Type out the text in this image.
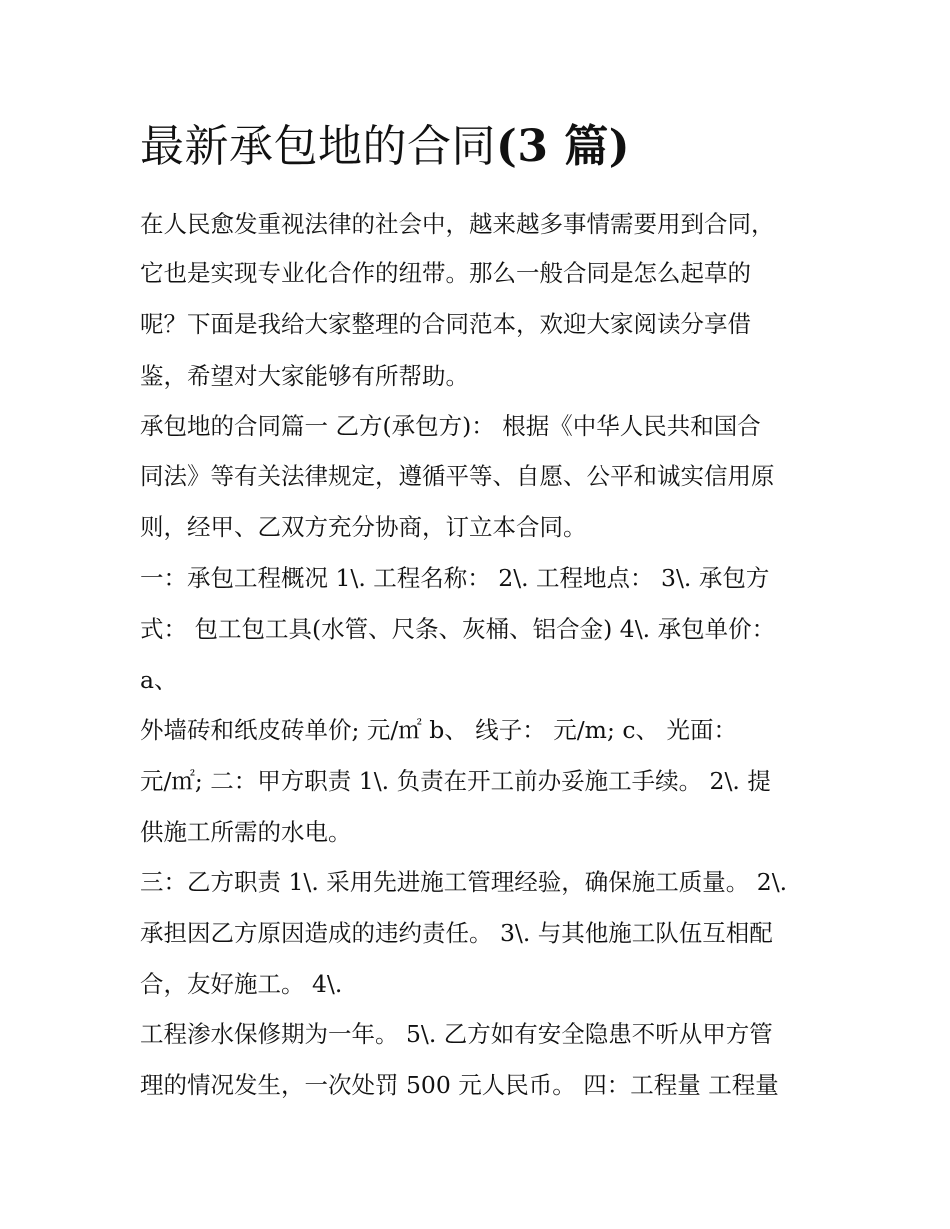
最新承包地的合同(3 篇)

在人民愈发重视法律的社会中，越来越多事情需要用到合同，

它也是实现专业化合作的纽带。那么一般合同是怎么起草的

呢？下面是我给大家整理的合同范本，欢迎大家阅读分享借

鉴，希望对大家能够有所帮助。

承包地的合同篇一 乙方(承包方)： 根据《中华人民共和国合

同法》等有关法律规定，遵循平等、自愿、公平和诚实信用原

则，经甲、乙双方充分协商，订立本合同。

一：承包工程概况 1\. 工程名称： 2\. 工程地点： 3\. 承包方

式： 包工包工具(水管、尺条、灰桶、铝合金) 4\. 承包单价：

a、

外墙砖和纸皮砖单价; 元/㎡ b、 线子： 元/m; c、 光面：

元/㎡; 二：甲方职责 1\. 负责在开工前办妥施工手续。 2\. 提

供施工所需的水电。

三：乙方职责 1\. 采用先进施工管理经验，确保施工质量。 2\.

承担因乙方原因造成的违约责任。 3\. 与其他施工队伍互相配

合，友好施工。 4\.

工程渗水保修期为一年。 5\. 乙方如有安全隐患不听从甲方管

理的情况发生，一次处罚 500 元人民币。 四：工程量 工程量
